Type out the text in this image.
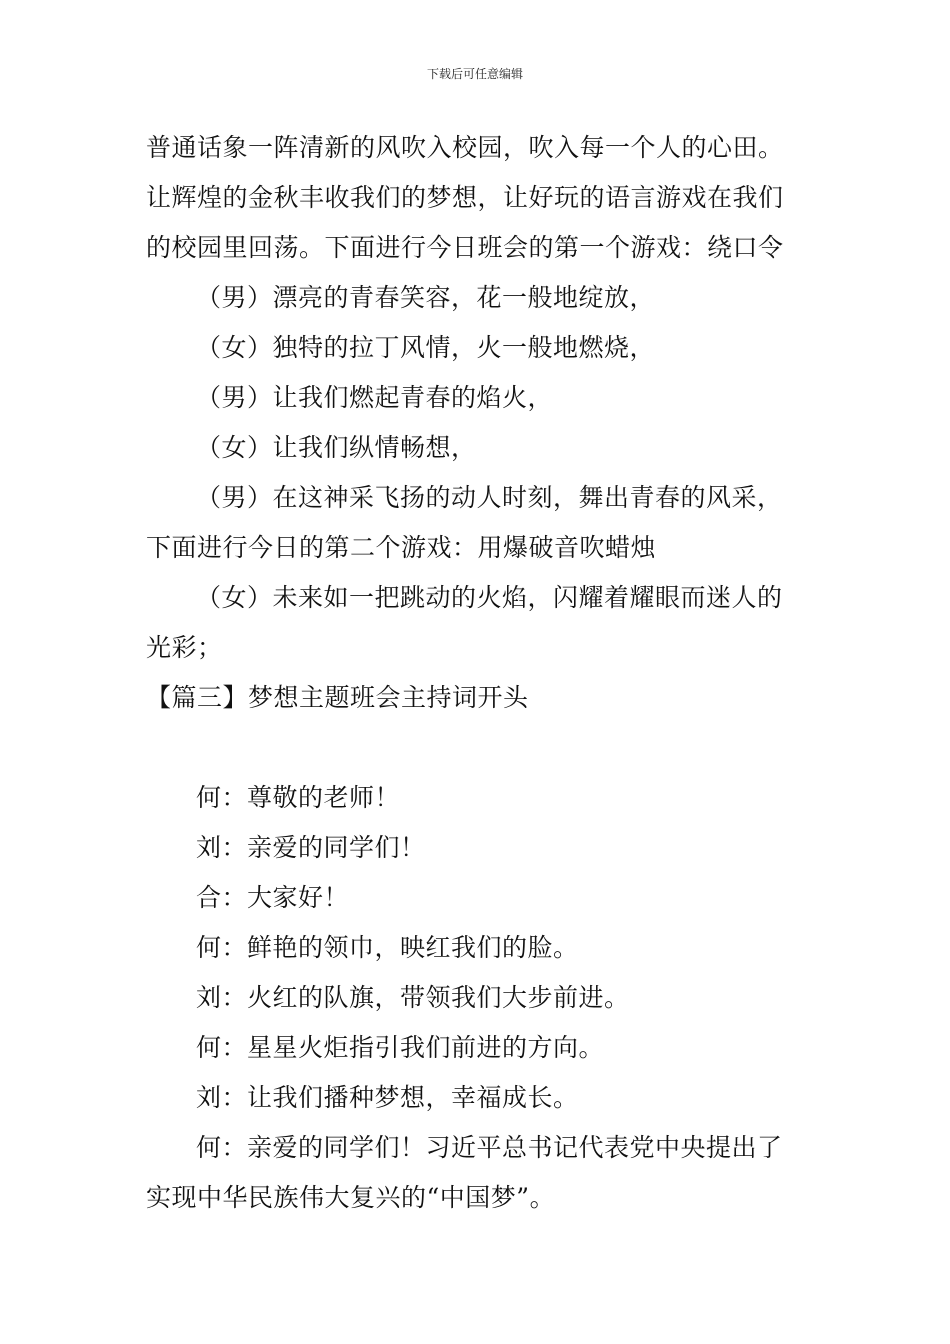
下载后可任意编辑
普通话象一阵清新的风吹入校园，吹入每一个人的心田。
让辉煌的金秋丰收我们的梦想，让好玩的语言游戏在我们
的校园里回荡。下面进行今日班会的第一个游戏：绕口令
（男）漂亮的青春笑容，花一般地绽放，
（女）独特的拉丁风情，火一般地燃烧，
（男）让我们燃起青春的焰火，
（女）让我们纵情畅想，
（男）在这神采飞扬的动人时刻，舞出青春的风采，
下面进行今日的第二个游戏：用爆破音吹蜡烛
（女）未来如一把跳动的火焰，闪耀着耀眼而迷人的
光彩；
【篇三】梦想主题班会主持词开头
何：尊敬的老师！
刘：亲爱的同学们！
合：大家好！
何：鲜艳的领巾，映红我们的脸。
刘：火红的队旗，带领我们大步前进。
何：星星火炬指引我们前进的方向。
刘：让我们播种梦想，幸福成长。
何：亲爱的同学们！习近平总书记代表党中央提出了
实现中华民族伟大复兴的“中国梦”。
